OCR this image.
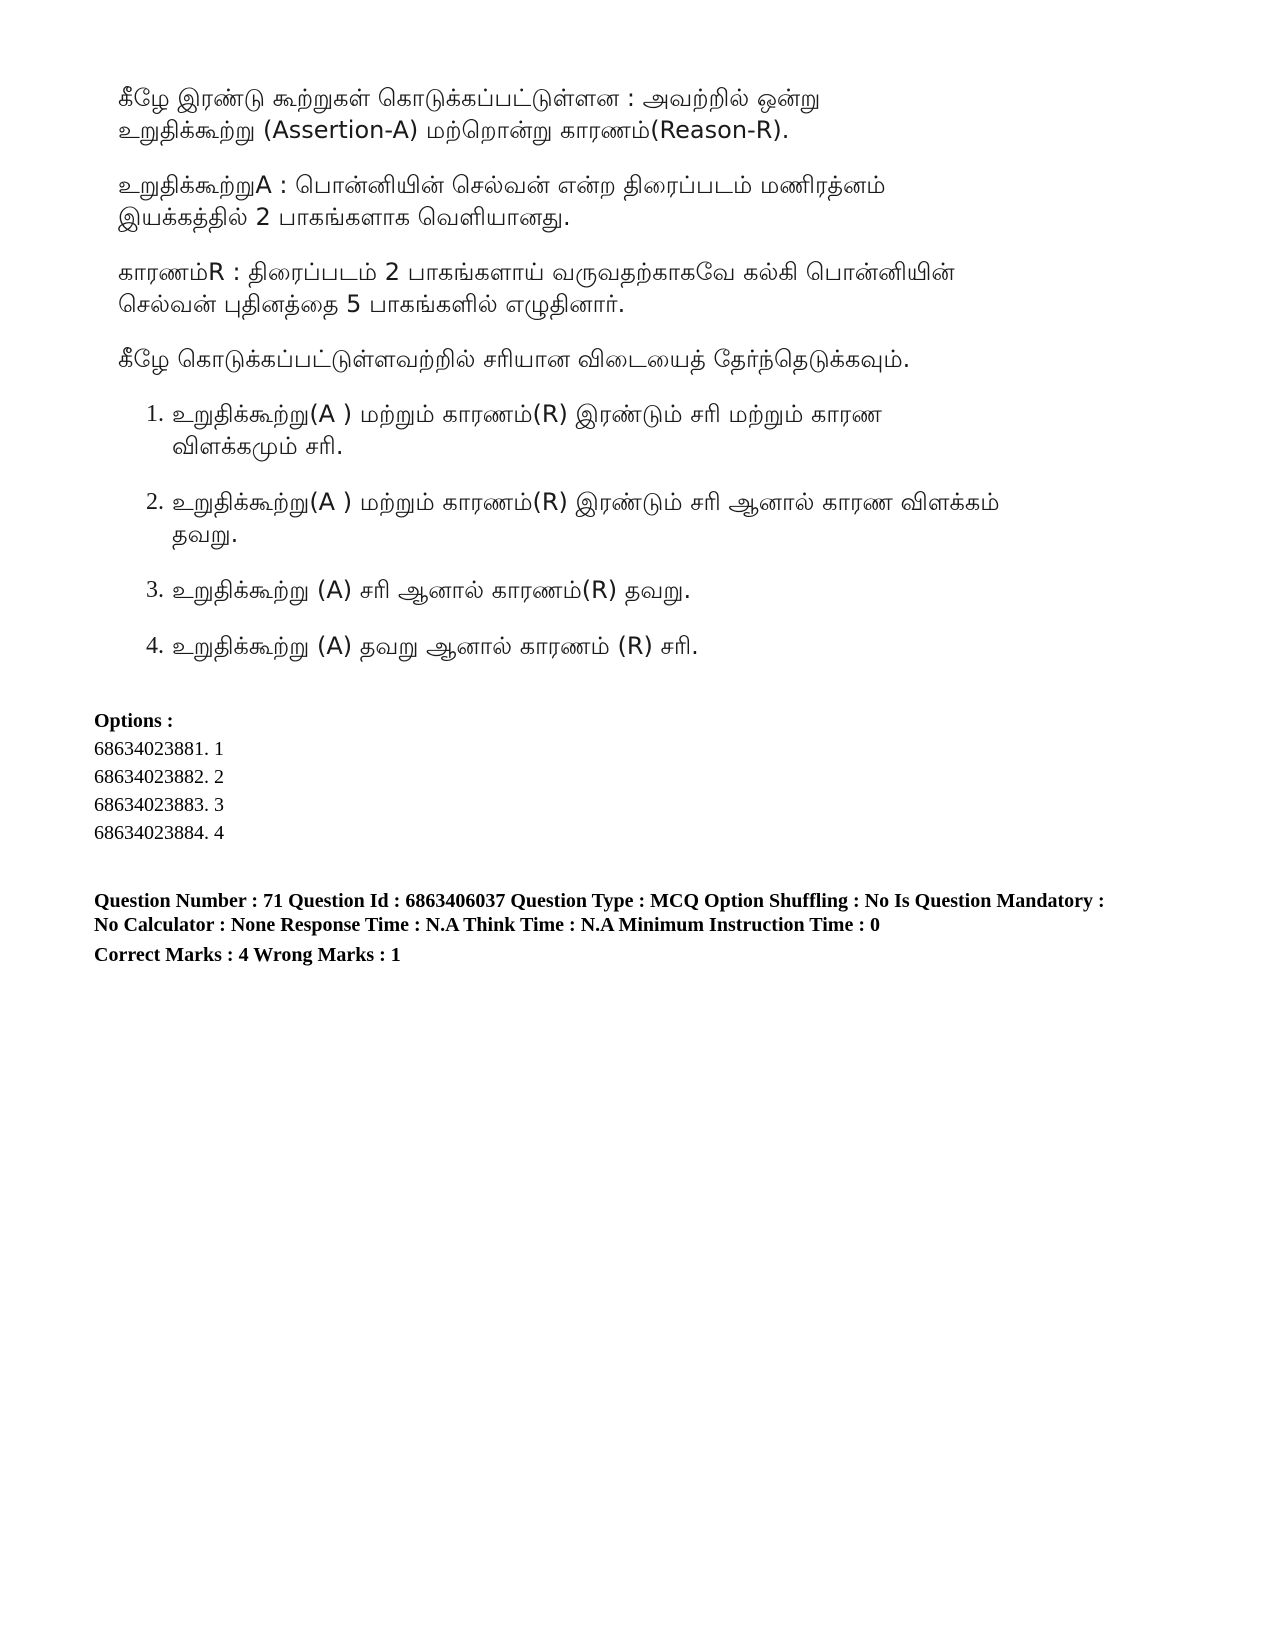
கீழே இரண்டு கூற்றுகள் கொடுக்கப்பட்டுள்ளன : அவற்றில் ஒன்று
உறுதிக்கூற்று (Assertion-A) மற்றொன்று காரணம்(Reason-R).

உறுதிக்கூற்றுA : பொன்னியின் செல்வன் என்ற திரைப்படம் மணிரத்னம்
இயக்கத்தில் 2 பாகங்களாக வெளியானது.

காரணம்R : திரைப்படம் 2 பாகங்களாய் வருவதற்காகவே கல்கி பொன்னியின்
செல்வன் புதினத்தை 5 பாகங்களில் எழுதினார்.

கீழே கொடுக்கப்பட்டுள்ளவற்றில் சரியான விடையைத் தேர்ந்தெடுக்கவும்.

1. உறுதிக்கூற்று(A ) மற்றும் காரணம்(R) இரண்டும் சரி மற்றும் காரண
விளக்கமும் சரி.
2. உறுதிக்கூற்று(A ) மற்றும் காரணம்(R) இரண்டும் சரி ஆனால் காரண விளக்கம்
தவறு.
3. உறுதிக்கூற்று (A) சரி ஆனால் காரணம்(R) தவறு.
4. உறுதிக்கூற்று (A) தவறு ஆனால் காரணம் (R) சரி.

Options :

68634023881. 1

68634023882. 2

68634023883. 3

68634023884. 4

Question Number : 71 Question Id : 6863406037 Question Type : MCQ Option Shuffling : No Is Question Mandatory :
No Calculator : None Response Time : N.A Think Time : N.A Minimum Instruction Time : 0
Correct Marks : 4 Wrong Marks : 1
